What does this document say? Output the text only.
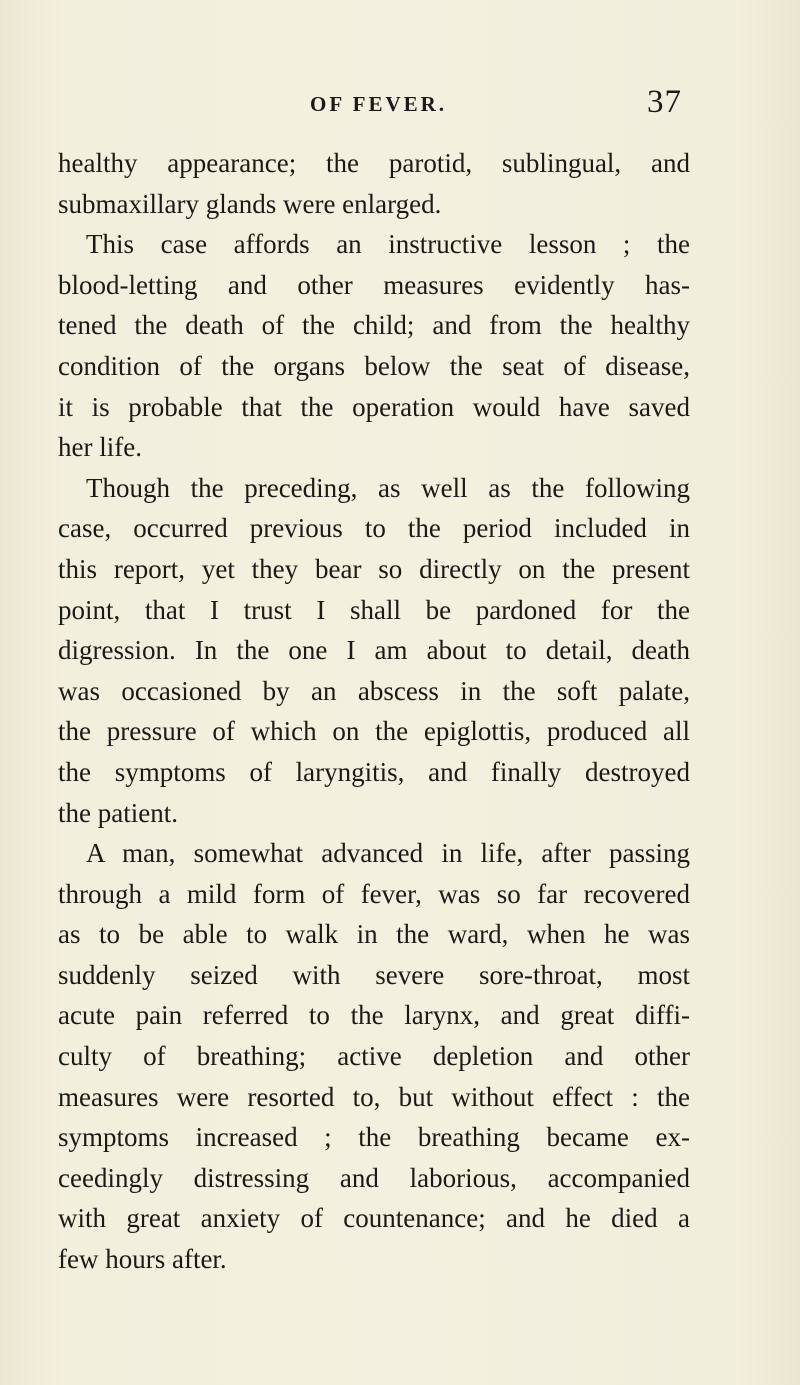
OF FEVER.	37
healthy appearance; the parotid, sublingual, and
submaxillary glands were enlarged.
This case affords an instructive lesson ; the
blood-letting and other measures evidently has-
tened the death of the child; and from the healthy
condition of the organs below the seat of disease,
it is probable that the operation would have saved
her life.
Though the preceding, as well as the following
case, occurred previous to the period included in
this report, yet they bear so directly on the present
point, that I trust I shall be pardoned for the
digression. In the one I am about to detail, death
was occasioned by an abscess in the soft palate,
the pressure of which on the epiglottis, produced all
the symptoms of laryngitis, and finally destroyed
the patient.
A man, somewhat advanced in life, after passing
through a mild form of fever, was so far recovered
as to be able to walk in the ward, when he was
suddenly seized with severe sore-throat, most
acute pain referred to the larynx, and great diffi-
culty of breathing; active depletion and other
measures were resorted to, but without effect : the
symptoms increased ; the breathing became ex-
ceedingly distressing and laborious, accompanied
with great anxiety of countenance; and he died a
few hours after.
